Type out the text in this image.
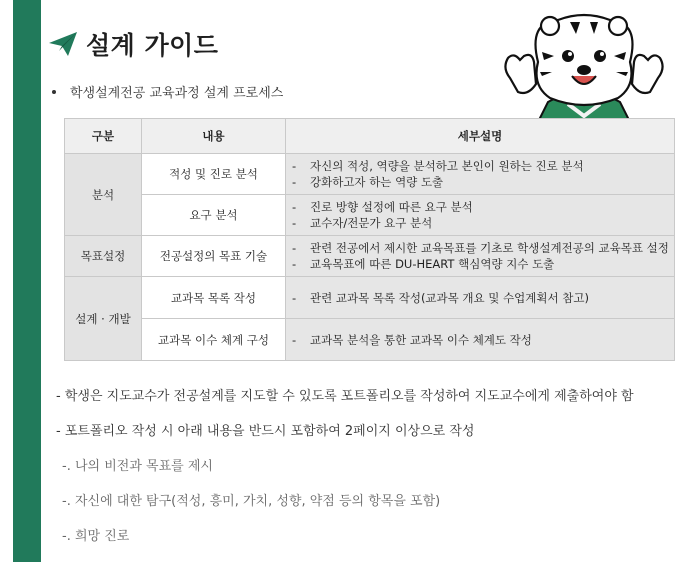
설계 가이드
학생설계전공 교육과정 설계 프로세스
구분	내용	세부설명
분석	적성 및 진로 분석	- 자신의 적성, 역량을 분석하고 본인이 원하는 진로 분석
- 강화하고자 하는 역량 도출

	요구 분석	- 진로 방향 설정에 따른 요구 분석
- 교수자/전문가 요구 분석

목표설정	전공설정의 목표 기술	- 관련 전공에서 제시한 교육목표를 기초로 학생설계전공의 교육목표 설정
- 교육목표에 따른 DU-HEART 핵심역량 지수 도출

설계 · 개발	교과목 목록 작성	- 관련 교과목 목록 작성(교과목 개요 및 수업계획서 참고)

	교과목 이수 체계 구성	- 교과목 분석을 통한 교과목 이수 체계도 작성
- 학생은 지도교수가 전공설계를 지도할 수 있도록 포트폴리오를 작성하여 지도교수에게 제출하여야 함
- 포트폴리오 작성 시 아래 내용을 반드시 포함하여 2페이지 이상으로 작성
-. 나의 비전과 목표를 제시
-. 자신에 대한 탐구(적성, 흥미, 가치, 성향, 약점 등의 항목을 포함)
-. 희망 진로
